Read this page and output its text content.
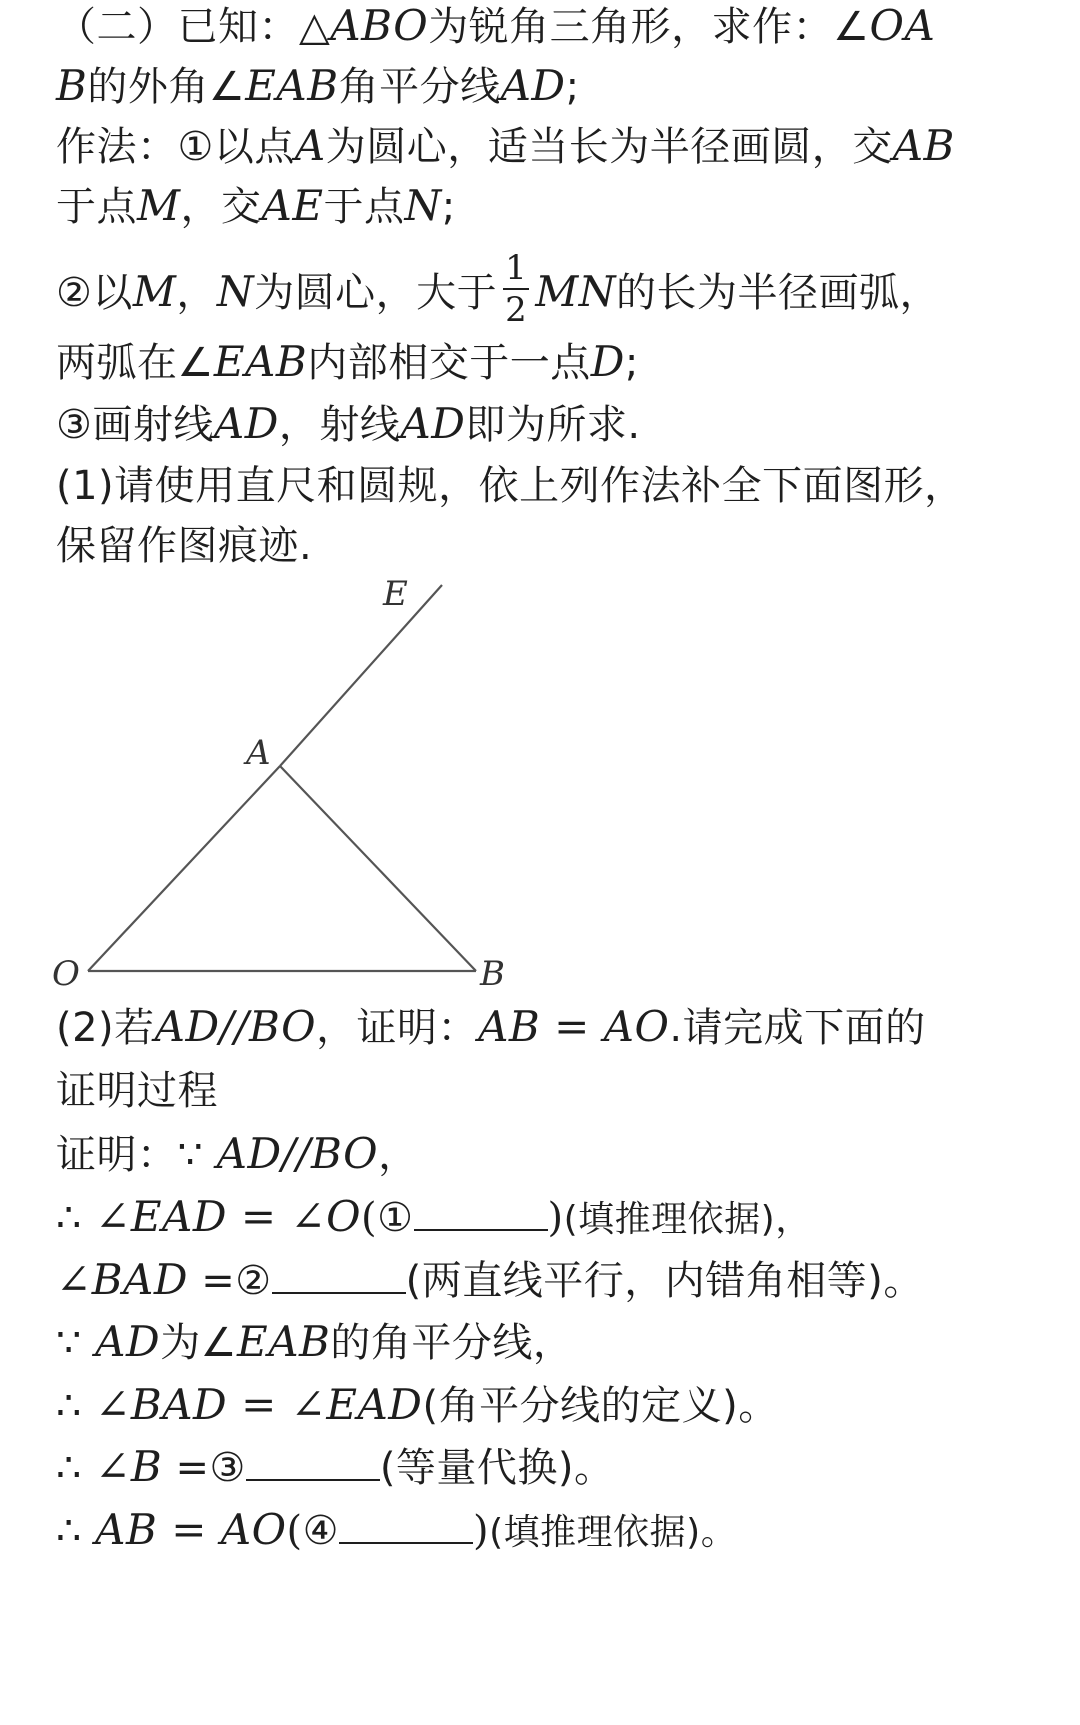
（二）已知：△ABO为锐角三角形，求作：∠OA
B的外角∠EAB角平分线AD;
作法：①以点A为圆心，适当长为半径画圆，交AB
于点M，交AE于点N;
②以M，N为圆心，大于 $\frac{1}{2}$ MN的长为半径画弧，
两弧在∠EAB内部相交于一点D;
③画射线AD，射线AD即为所求.
(1)请使用直尺和圆规，依上列作法补全下面图形，
保留作图痕迹.
E
A
O	B
(2)若AD//BO，证明：AB = AO.请完成下面的
证明过程
证明：∵ AD//BO，
∴ ∠EAD = ∠O(①	)(填推理依据)，
∠BAD =②	(两直线平行，内错角相等)。
∵ AD为∠EAB的角平分线，
∴ ∠BAD = ∠EAD(角平分线的定义)。
∴ ∠B =③	(等量代换)。
∴ AB = AO(④	)(填推理依据)。
